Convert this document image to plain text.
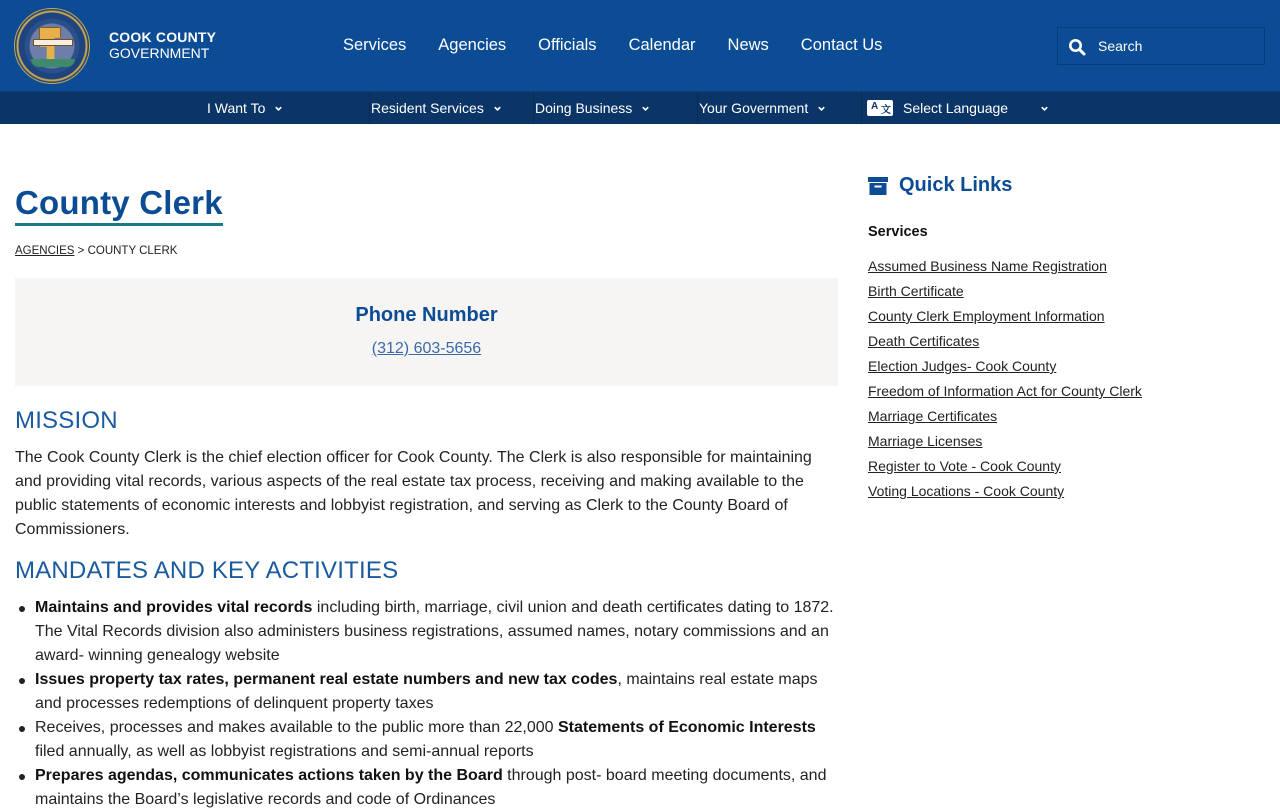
COOK COUNTY
GOVERNMENT	Services Agencies Officials Calendar News Contact Us
Search
I Want To	Resident Services	Doing Business	Your Government	A 文 Select Language
County Clerk
AGENCIES > COUNTY CLERK
Phone Number
(312) 603-5656
MISSION

The Cook County Clerk is the chief election officer for Cook County. The Clerk is also responsible for maintaining and providing vital records, various aspects of the real estate tax process, receiving and making available to the public statements of economic interests and lobbyist registration, and serving as Clerk to the County Board of Commissioners.

MANDATES AND KEY ACTIVITIES
Maintains and provides vital records including birth, marriage, civil union and death certificates dating to 1872. The Vital Records division also administers business registrations, assumed names, notary commissions and an award- winning genealogy website
Issues property tax rates, permanent real estate numbers and new tax codes, maintains real estate maps and processes redemptions of delinquent property taxes
Receives, processes and makes available to the public more than 22,000 Statements of Economic Interests filed annually, as well as lobbyist registrations and semi-annual reports
Prepares agendas, communicates actions taken by the Board through post- board meeting documents, and maintains the Board’s legislative records and code of Ordinances
Quick Links
Services
Assumed Business Name Registration
Birth Certificate
County Clerk Employment Information
Death Certificates
Election Judges- Cook County
Freedom of Information Act for County Clerk
Marriage Certificates
Marriage Licenses
Register to Vote - Cook County
Voting Locations - Cook County
